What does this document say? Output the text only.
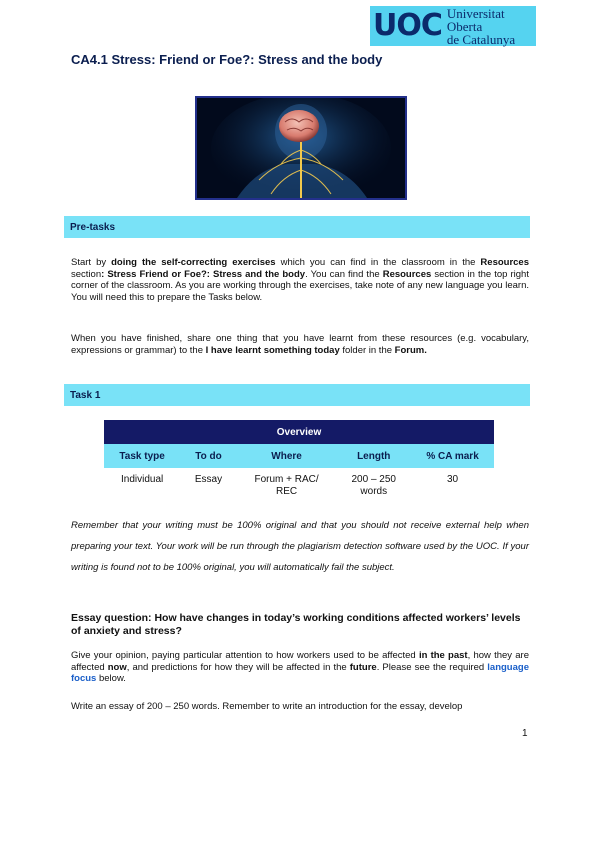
UOC Universitat Oberta
de Catalunya
CA4.1 Stress: Friend or Foe?: Stress and the body
Pre-tasks
Start by doing the self-correcting exercises which you can find in the classroom in the Resources section: Stress Friend or Foe?: Stress and the body. You can find the Resources section in the top right corner of the classroom. As you are working through the exercises, take note of any new language you learn. You will need this to prepare the Tasks below.
When you have finished, share one thing that you have learnt from these resources (e.g. vocabulary, expressions or grammar) to the I have learnt something today folder in the Forum.
Task 1
Overview				
Task type	To do	Where	Length	% CA mark
Individual	Essay	Forum + RAC/ REC	200 – 250 words	30
Remember that your writing must be 100% original and that you should not receive external help when preparing your text. Your work will be run through the plagiarism detection software used by the UOC. If your writing is found not to be 100% original, you will automatically fail the subject.
Essay question: How have changes in today’s working conditions affected workers’ levels of anxiety and stress?
Give your opinion, paying particular attention to how workers used to be affected in the past, how they are affected now, and predictions for how they will be affected in the future. Please see the required language focus below.
Write an essay of 200 – 250 words. Remember to write an introduction for the essay, develop
1
